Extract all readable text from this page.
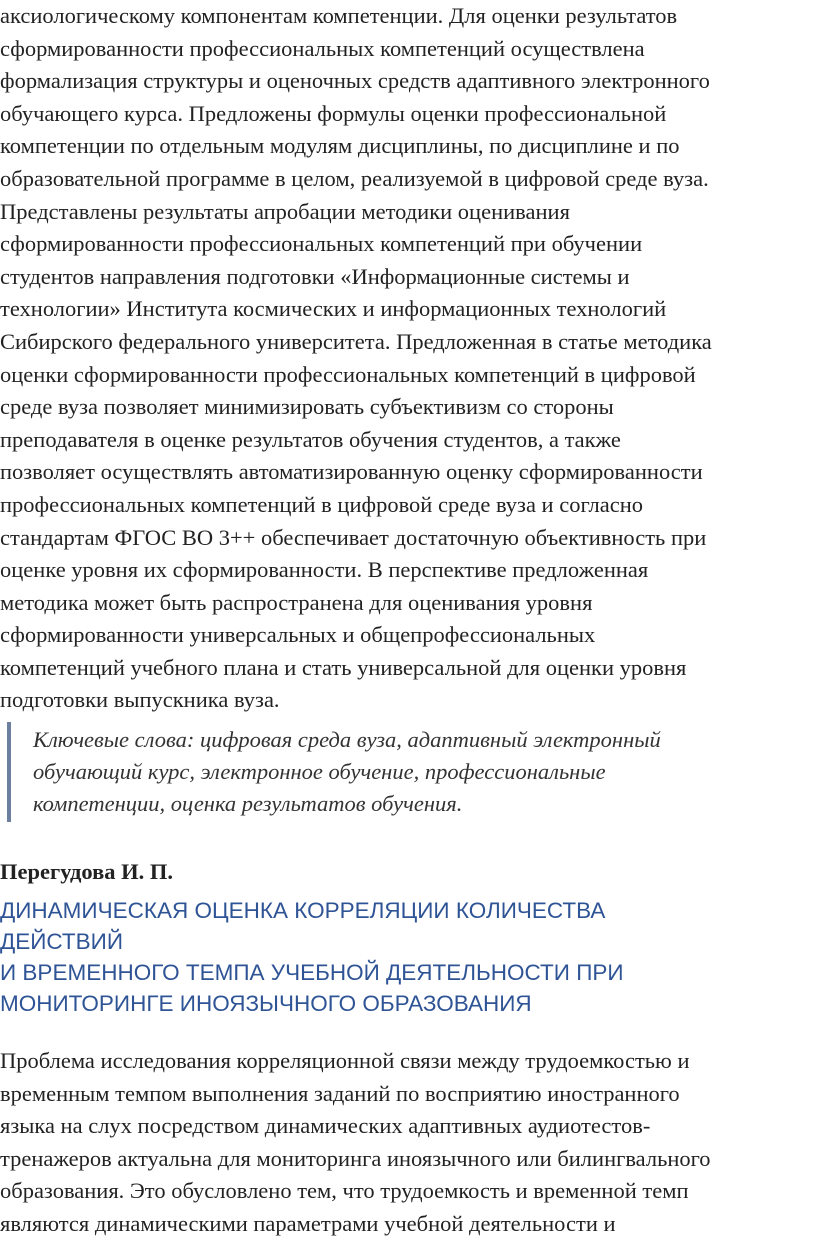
аксиологическому компонентам компетенции. Для оценки результатов
сформированности профессиональных компетенций осуществлена
формализация структуры и оценочных средств адаптивного электронного
обучающего курса. Предложены формулы оценки профессиональной
компетенции по отдельным модулям дисциплины, по дисциплине и по
образовательной программе в целом, реализуемой в цифровой среде вуза.
Представлены результаты апробации методики оценивания
сформированности профессиональных компетенций при обучении
студентов направления подготовки «Информационные системы и
технологии» Института космических и информационных технологий
Сибирского федерального университета. Предложенная в статье методика
оценки сформированности профессиональных компетенций в цифровой
среде вуза позволяет минимизировать субъективизм со стороны
преподавателя в оценке результатов обучения студентов, а также
позволяет осуществлять автоматизированную оценку сформированности
профессиональных компетенций в цифровой среде вуза и согласно
стандартам ФГОС ВО 3++ обеспечивает достаточную объективность при
оценке уровня их сформированности. В перспективе предложенная
методика может быть распространена для оценивания уровня
сформированности универсальных и общепрофессиональных
компетенций учебного плана и стать универсальной для оценки уровня
подготовки выпускника вуза.
Ключевые слова: цифровая среда вуза, адаптивный электронный
обучающий курс, электронное обучение, профессиональные
компетенции, оценка результатов обучения.
Перегудова И. П.
ДИНАМИЧЕСКАЯ ОЦЕНКА КОРРЕЛЯЦИИ КОЛИЧЕСТВА
ДЕЙСТВИЙ
И ВРЕМЕННОГО ТЕМПА УЧЕБНОЙ ДЕЯТЕЛЬНОСТИ ПРИ
МОНИТОРИНГЕ ИНОЯЗЫЧНОГО ОБРАЗОВАНИЯ
Проблема исследования корреляционной связи между трудоемкостью и
временным темпом выполнения заданий по восприятию иностранного
языка на слух посредством динамических адаптивных аудиотестов-
тренажеров актуальна для мониторинга иноязычного или билингвального
образования. Это обусловлено тем, что трудоемкость и временной темп
являются динамическими параметрами учебной деятельности и
